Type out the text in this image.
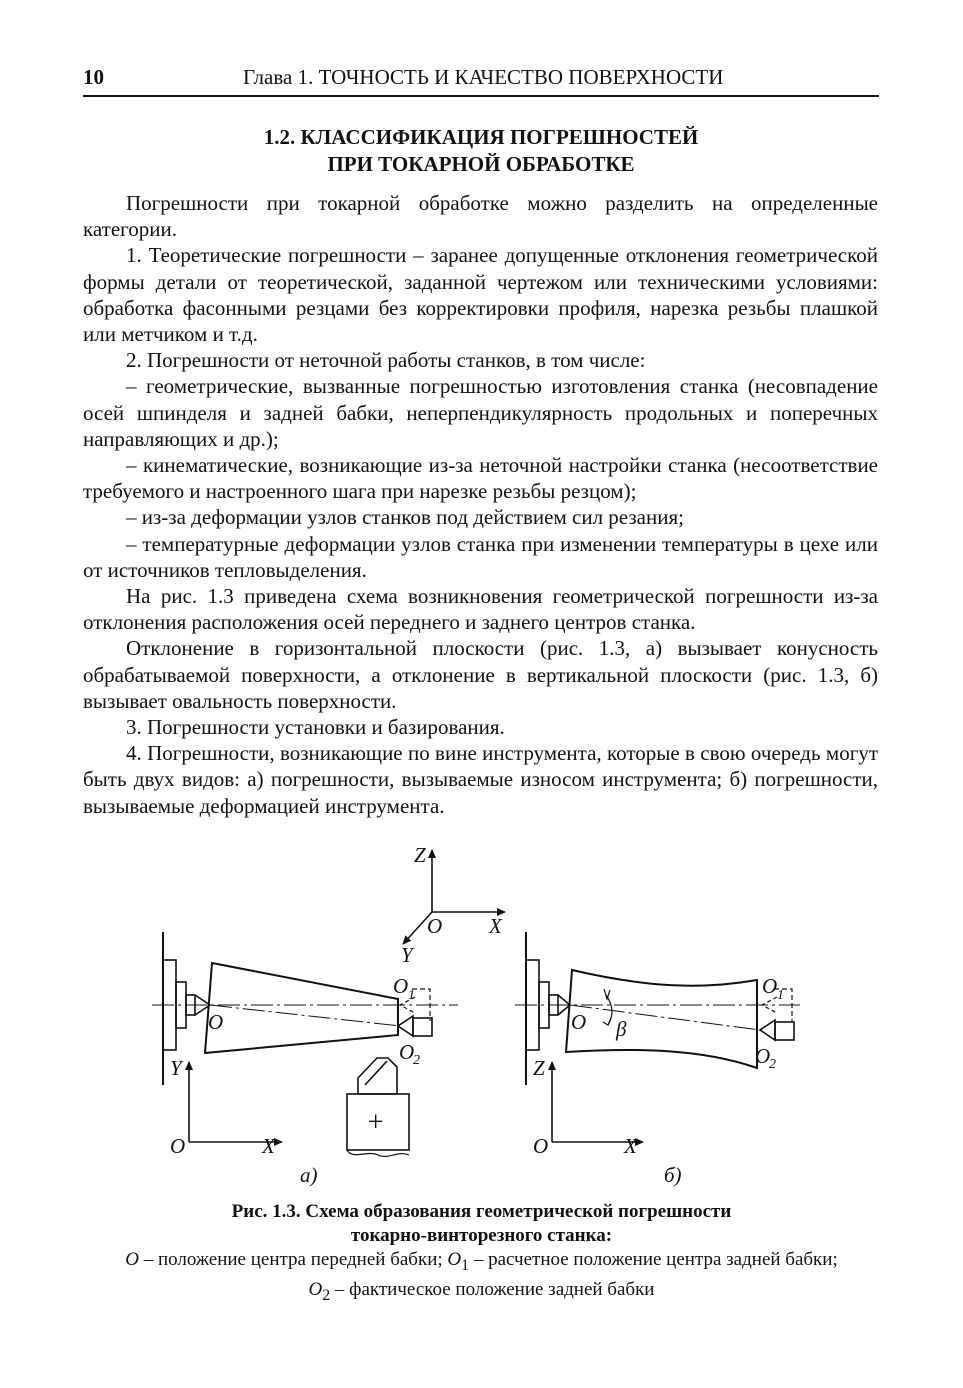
10	Глава 1. ТОЧНОСТЬ И КАЧЕСТВО ПОВЕРХНОСТИ
1.2. КЛАССИФИКАЦИЯ ПОГРЕШНОСТЕЙ
ПРИ ТОКАРНОЙ ОБРАБОТКЕ

Погрешности при токарной обработке можно разделить на определенные категории.

1. Теоретические погрешности – заранее допущенные отклонения геометрической формы детали от теоретической, заданной чертежом или техническими условиями: обработка фасонными резцами без корректировки профиля, нарезка резьбы плашкой или метчиком и т.д.

2. Погрешности от неточной работы станков, в том числе:

– геометрические, вызванные погрешностью изготовления станка (несовпадение осей шпинделя и задней бабки, неперпендикулярность продольных и поперечных направляющих и др.);

– кинематические, возникающие из-за неточной настройки станка (несоответствие требуемого и настроенного шага при нарезке резьбы резцом);

– из-за деформации узлов станков под действием сил резания;

– температурные деформации узлов станка при изменении температуры в цехе или от источников тепловыделения.

На рис. 1.3 приведена схема возникновения геометрической погрешности из-за отклонения расположения осей переднего и заднего центров станка.

Отклонение в горизонтальной плоскости (рис. 1.3, а) вызывает конусность обрабатываемой поверхности, а отклонение в вертикальной плоскости (рис. 1.3, б) вызывает овальность поверхности.

3. Погрешности установки и базирования.

4. Погрешности, возникающие по вине инструмента, которые в свою очередь могут быть двух видов: а) погрешности, вызываемые износом инструмента; б) погрешности, вызываемые деформацией инструмента.

Z
O X
Y
O
O 1
O
2
+
Y
O	X
а)
O β
O 1
O
2
Z
O	X
б)
Рис. 1.3. Схема образования геометрической погрешности
токарно-винторезного станка:
O – положение центра передней бабки; $O_1$ – расчетное положение центра задней бабки;
$O_2$ – фактическое положение задней бабки
